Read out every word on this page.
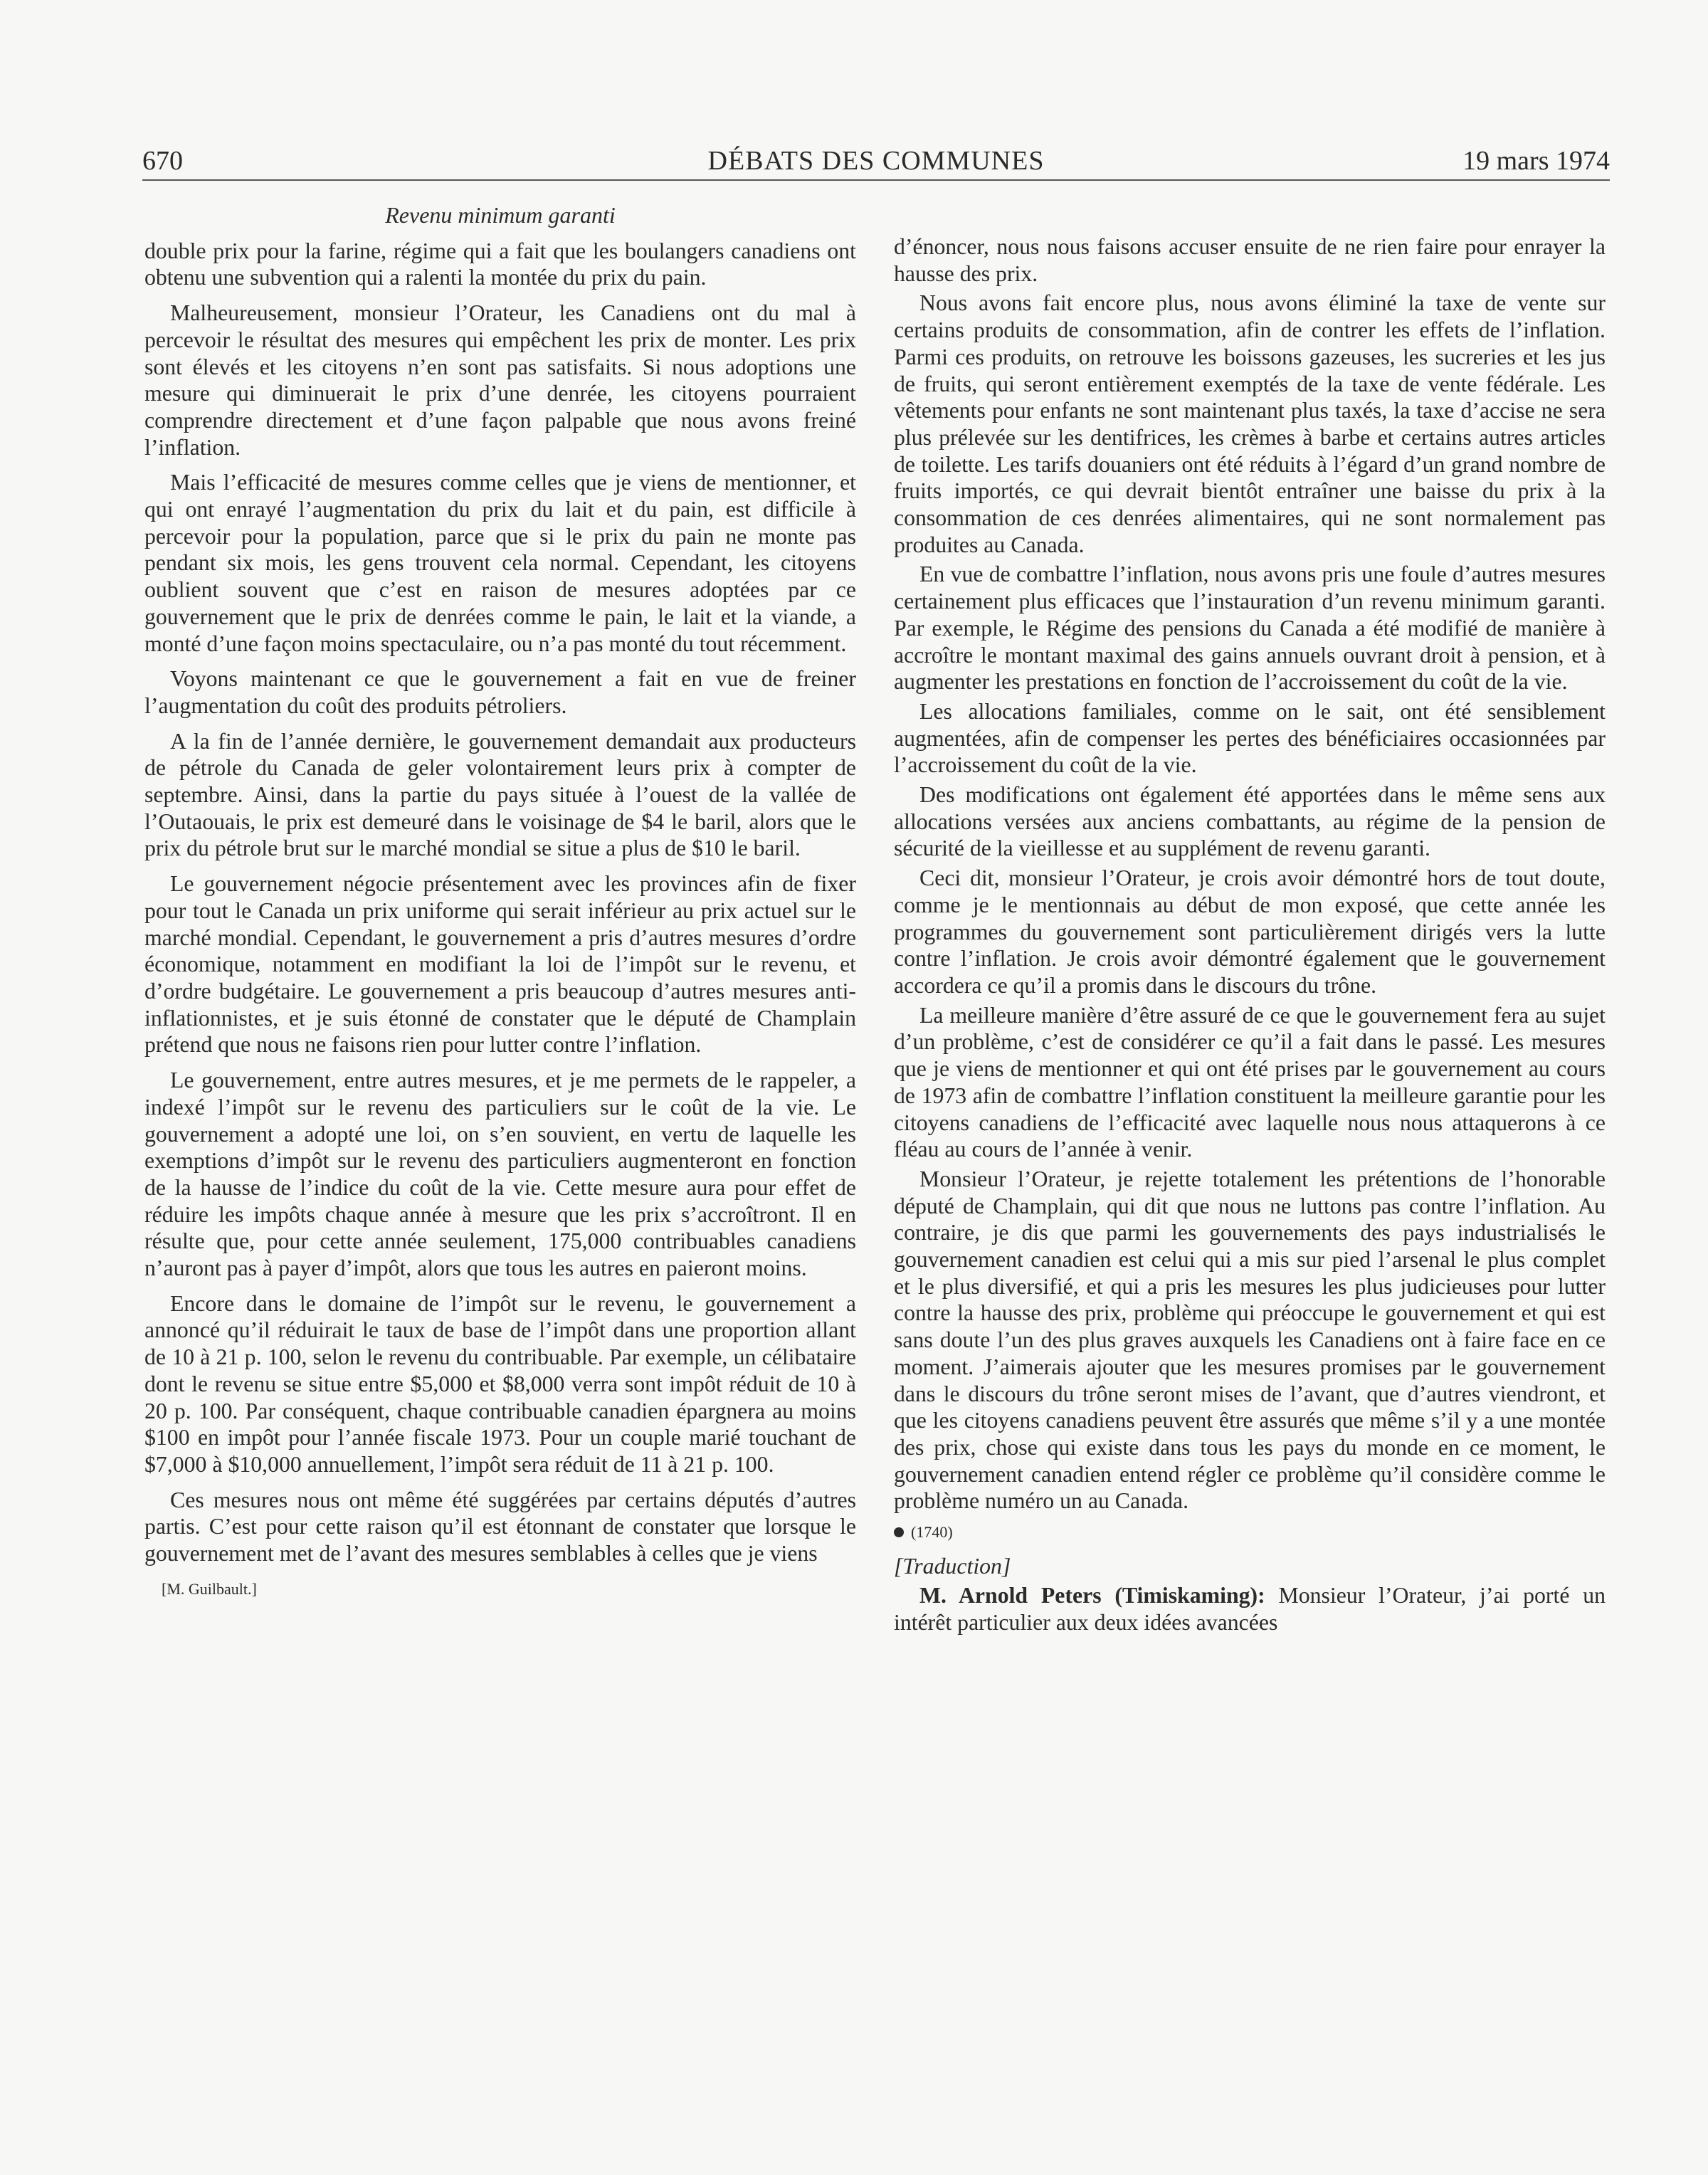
670	DÉBATS DES COMMUNES	19 mars 1974

Revenu minimum garanti

double prix pour la farine, régime qui a fait que les boulangers canadiens ont obtenu une subvention qui a ralenti la montée du prix du pain.

Malheureusement, monsieur l’Orateur, les Canadiens ont du mal à percevoir le résultat des mesures qui empêchent les prix de monter. Les prix sont élevés et les citoyens n’en sont pas satisfaits. Si nous adoptions une mesure qui diminuerait le prix d’une denrée, les citoyens pourraient comprendre directement et d’une façon palpable que nous avons freiné l’inflation.

Mais l’efficacité de mesures comme celles que je viens de mentionner, et qui ont enrayé l’augmentation du prix du lait et du pain, est difficile à percevoir pour la population, parce que si le prix du pain ne monte pas pendant six mois, les gens trouvent cela normal. Cependant, les citoyens oublient souvent que c’est en raison de mesures adoptées par ce gouvernement que le prix de denrées comme le pain, le lait et la viande, a monté d’une façon moins spectaculaire, ou n’a pas monté du tout récemment.

Voyons maintenant ce que le gouvernement a fait en vue de freiner l’augmentation du coût des produits pétroliers.

A la fin de l’année dernière, le gouvernement demandait aux producteurs de pétrole du Canada de geler volontairement leurs prix à compter de septembre. Ainsi, dans la partie du pays située à l’ouest de la vallée de l’Outaouais, le prix est demeuré dans le voisinage de $4 le baril, alors que le prix du pétrole brut sur le marché mondial se situe a plus de $10 le baril.

Le gouvernement négocie présentement avec les provinces afin de fixer pour tout le Canada un prix uniforme qui serait inférieur au prix actuel sur le marché mondial. Cependant, le gouvernement a pris d’autres mesures d’ordre économique, notamment en modifiant la loi de l’impôt sur le revenu, et d’ordre budgétaire. Le gouvernement a pris beaucoup d’autres mesures anti-inflationnistes, et je suis étonné de constater que le député de Champlain prétend que nous ne faisons rien pour lutter contre l’inflation.

Le gouvernement, entre autres mesures, et je me permets de le rappeler, a indexé l’impôt sur le revenu des particuliers sur le coût de la vie. Le gouvernement a adopté une loi, on s’en souvient, en vertu de laquelle les exemptions d’impôt sur le revenu des particuliers augmenteront en fonction de la hausse de l’indice du coût de la vie. Cette mesure aura pour effet de réduire les impôts chaque année à mesure que les prix s’accroîtront. Il en résulte que, pour cette année seulement, 175,000 contribuables canadiens n’auront pas à payer d’impôt, alors que tous les autres en paieront moins.

Encore dans le domaine de l’impôt sur le revenu, le gouvernement a annoncé qu’il réduirait le taux de base de l’impôt dans une proportion allant de 10 à 21 p. 100, selon le revenu du contribuable. Par exemple, un célibataire dont le revenu se situe entre $5,000 et $8,000 verra sont impôt réduit de 10 à 20 p. 100. Par conséquent, chaque contribuable canadien épargnera au moins $100 en impôt pour l’année fiscale 1973. Pour un couple marié touchant de $7,000 à $10,000 annuellement, l’impôt sera réduit de 11 à 21 p. 100.

Ces mesures nous ont même été suggérées par certains députés d’autres partis. C’est pour cette raison qu’il est étonnant de constater que lorsque le gouvernement met de l’avant des mesures semblables à celles que je viens

[M. Guilbault.]

d’énoncer, nous nous faisons accuser ensuite de ne rien faire pour enrayer la hausse des prix.

Nous avons fait encore plus, nous avons éliminé la taxe de vente sur certains produits de consommation, afin de contrer les effets de l’inflation. Parmi ces produits, on retrouve les boissons gazeuses, les sucreries et les jus de fruits, qui seront entièrement exemptés de la taxe de vente fédérale. Les vêtements pour enfants ne sont maintenant plus taxés, la taxe d’accise ne sera plus prélevée sur les dentifrices, les crèmes à barbe et certains autres articles de toilette. Les tarifs douaniers ont été réduits à l’égard d’un grand nombre de fruits importés, ce qui devrait bientôt entraîner une baisse du prix à la consommation de ces denrées alimentaires, qui ne sont normalement pas produites au Canada.

En vue de combattre l’inflation, nous avons pris une foule d’autres mesures certainement plus efficaces que l’instauration d’un revenu minimum garanti. Par exemple, le Régime des pensions du Canada a été modifié de manière à accroître le montant maximal des gains annuels ouvrant droit à pension, et à augmenter les prestations en fonction de l’accroissement du coût de la vie.

Les allocations familiales, comme on le sait, ont été sensiblement augmentées, afin de compenser les pertes des bénéficiaires occasionnées par l’accroissement du coût de la vie.

Des modifications ont également été apportées dans le même sens aux allocations versées aux anciens combattants, au régime de la pension de sécurité de la vieillesse et au supplément de revenu garanti.

Ceci dit, monsieur l’Orateur, je crois avoir démontré hors de tout doute, comme je le mentionnais au début de mon exposé, que cette année les programmes du gouvernement sont particulièrement dirigés vers la lutte contre l’inflation. Je crois avoir démontré également que le gouvernement accordera ce qu’il a promis dans le discours du trône.

La meilleure manière d’être assuré de ce que le gouvernement fera au sujet d’un problème, c’est de considérer ce qu’il a fait dans le passé. Les mesures que je viens de mentionner et qui ont été prises par le gouvernement au cours de 1973 afin de combattre l’inflation constituent la meilleure garantie pour les citoyens canadiens de l’efficacité avec laquelle nous nous attaquerons à ce fléau au cours de l’année à venir.

Monsieur l’Orateur, je rejette totalement les prétentions de l’honorable député de Champlain, qui dit que nous ne luttons pas contre l’inflation. Au contraire, je dis que parmi les gouvernements des pays industrialisés le gouvernement canadien est celui qui a mis sur pied l’arsenal le plus complet et le plus diversifié, et qui a pris les mesures les plus judicieuses pour lutter contre la hausse des prix, problème qui préoccupe le gouvernement et qui est sans doute l’un des plus graves auxquels les Canadiens ont à faire face en ce moment. J’aimerais ajouter que les mesures promises par le gouvernement dans le discours du trône seront mises de l’avant, que d’autres viendront, et que les citoyens canadiens peuvent être assurés que même s’il y a une montée des prix, chose qui existe dans tous les pays du monde en ce moment, le gouvernement canadien entend régler ce problème qu’il considère comme le problème numéro un au Canada.

(1740)

[Traduction]

M. Arnold Peters (Timiskaming): Monsieur l’Orateur, j’ai porté un intérêt particulier aux deux idées avancées
